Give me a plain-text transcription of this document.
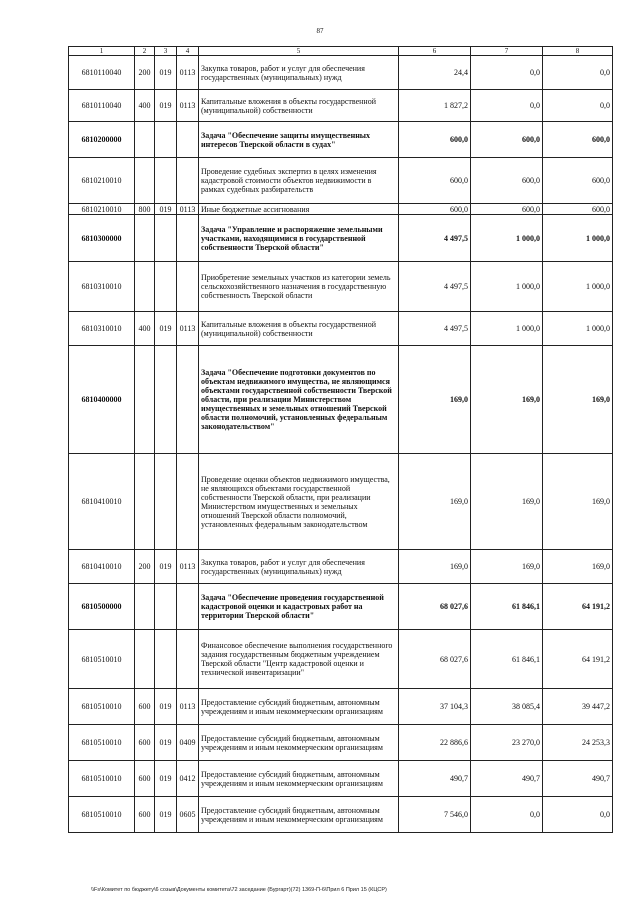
87
1	2	3	4	5	6	7	8
6810110040	200	019	0113	Закупка товаров, работ и услуг для обеспечения государственных (муниципальных) нужд	24,4	0,0	0,0
6810110040	400	019	0113	Капитальные вложения в объекты государственной (муниципальной) собственности	1 827,2	0,0	0,0
6810200000				Задача "Обеспечение защиты имущественных интересов Тверской области в судах"	600,0	600,0	600,0
6810210010				Проведение судебных экспертиз в целях изменения кадастровой стоимости объектов недвижимости в рамках судебных разбирательств	600,0	600,0	600,0
6810210010	800	019	0113	Иные бюджетные ассигнования	600,0	600,0	600,0
6810300000				Задача "Управление и распоряжение земельными участками, находящимися в государственной собственности Тверской области"	4 497,5	1 000,0	1 000,0
6810310010				Приобретение земельных участков из категории земель сельскохозяйственного назначения в государственную собственность Тверской области	4 497,5	1 000,0	1 000,0
6810310010	400	019	0113	Капитальные вложения в объекты государственной (муниципальной) собственности	4 497,5	1 000,0	1 000,0
6810400000				Задача "Обеспечение подготовки документов по объектам недвижимого имущества, не являющимся объектами государственной собственности Тверской области, при реализации Министерством имущественных и земельных отношений Тверской области полномочий, установленных федеральным законодательством"	169,0	169,0	169,0
6810410010				Проведение оценки объектов недвижимого имущества, не являющихся объектами государственной собственности Тверской области, при реализации Министерством имущественных и земельных отношений Тверской области полномочий, установленных федеральным законодательством	169,0	169,0	169,0
6810410010	200	019	0113	Закупка товаров, работ и услуг для обеспечения государственных (муниципальных) нужд	169,0	169,0	169,0
6810500000				Задача "Обеспечение проведения государственной кадастровой оценки и кадастровых работ на территории Тверской области"	68 027,6	61 846,1	64 191,2
6810510010				Финансовое обеспечение выполнения государственного задания государственным бюджетным учреждением Тверской области "Центр кадастровой оценки и технической инвентаризации"	68 027,6	61 846,1	64 191,2
6810510010	600	019	0113	Предоставление субсидий бюджетным, автономным учреждениям и иным некоммерческим организациям	37 104,3	38 085,4	39 447,2
6810510010	600	019	0409	Предоставление субсидий бюджетным, автономным учреждениям и иным некоммерческим организациям	22 886,6	23 270,0	24 253,3
6810510010	600	019	0412	Предоставление субсидий бюджетным, автономным учреждениям и иным некоммерческим организациям	490,7	490,7	490,7
6810510010	600	019	0605	Предоставление субсидий бюджетным, автономным учреждениям и иным некоммерческим организациям	7 546,0	0,0	0,0
\\Fs\Комитет по бюджету\6 созыв\Документы комитета\72 заседание (Бургарт)(72) 1369-П-6\Прил 6 Прил 15 (КЦСР)
